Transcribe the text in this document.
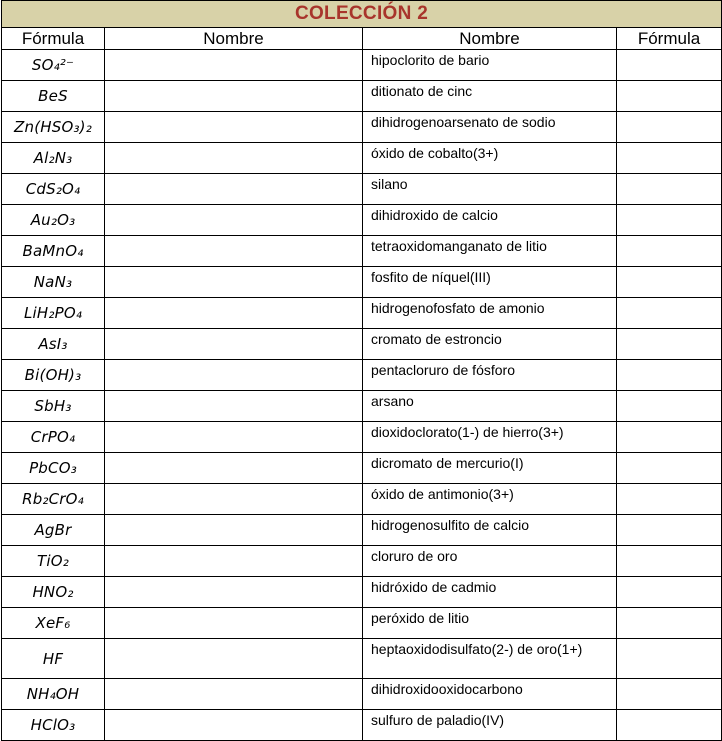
COLECCIÓN 2			
Fórmula	Nombre	Nombre	Fórmula
SO₄²⁻		hipoclorito de bario	
BeS		ditionato de cinc	
Zn(HSO₃)₂		dihidrogenoarsenato de sodio	
Al₂N₃		óxido de cobalto(3+)	
CdS₂O₄		silano	
Au₂O₃		dihidroxido de calcio	
BaMnO₄		tetraoxidomanganato de litio	
NaN₃		fosfito de níquel(III)	
LiH₂PO₄		hidrogenofosfato de amonio	
AsI₃		cromato de estroncio	
Bi(OH)₃		pentacloruro de fósforo	
SbH₃		arsano	
CrPO₄		dioxidoclorato(1-) de hierro(3+)	
PbCO₃		dicromato de mercurio(I)	
Rb₂CrO₄		óxido de antimonio(3+)	
AgBr		hidrogenosulfito de calcio	
TiO₂		cloruro de oro	
HNO₂		hidróxido de cadmio	
XeF₆		peróxido de litio	
HF		heptaoxidodisulfato(2-) de oro(1+)	
NH₄OH		dihidroxidooxidocarbono	
HClO₃		sulfuro de paladio(IV)	
